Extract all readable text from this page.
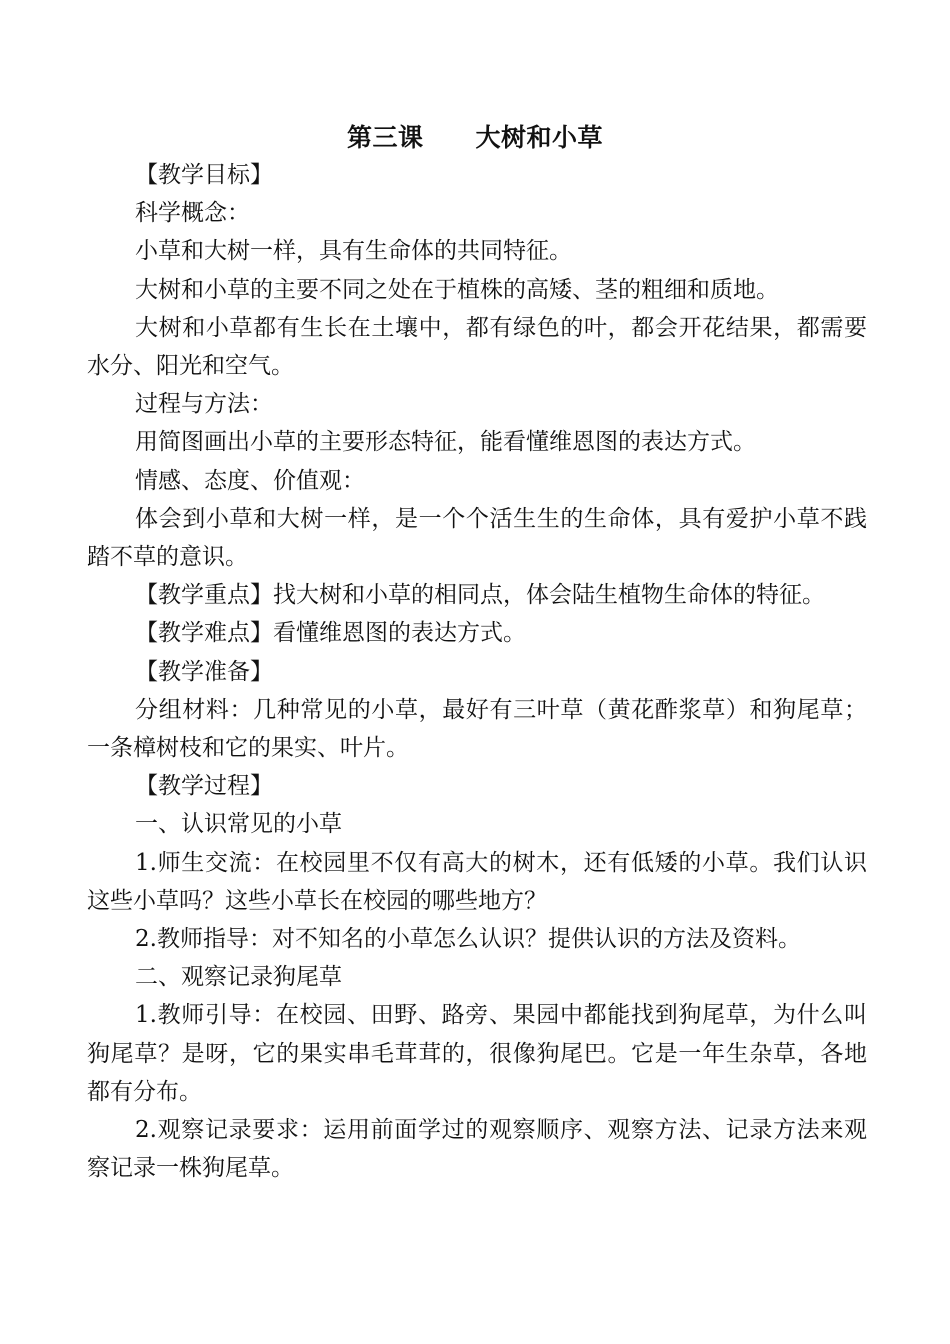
第三课 大树和小草

【教学目标】

科学概念：

小草和大树一样，具有生命体的共同特征。

大树和小草的主要不同之处在于植株的高矮、茎的粗细和质地。

大树和小草都有生长在土壤中，都有绿色的叶，都会开花结果，都需要水分、阳光和空气。

过程与方法：

用简图画出小草的主要形态特征，能看懂维恩图的表达方式。

情感、态度、价值观：

体会到小草和大树一样，是一个个活生生的生命体，具有爱护小草不践踏不草的意识。

【教学重点】找大树和小草的相同点，体会陆生植物生命体的特征。

【教学难点】看懂维恩图的表达方式。

【教学准备】

分组材料：几种常见的小草，最好有三叶草（黄花酢浆草）和狗尾草；一条樟树枝和它的果实、叶片。

【教学过程】

一、认识常见的小草

1.师生交流：在校园里不仅有高大的树木，还有低矮的小草。我们认识这些小草吗？这些小草长在校园的哪些地方？

2.教师指导：对不知名的小草怎么认识？提供认识的方法及资料。

二、观察记录狗尾草

1.教师引导：在校园、田野、路旁、果园中都能找到狗尾草，为什么叫狗尾草？是呀，它的果实串毛茸茸的，很像狗尾巴。它是一年生杂草，各地都有分布。

2.观察记录要求：运用前面学过的观察顺序、观察方法、记录方法来观察记录一株狗尾草。
